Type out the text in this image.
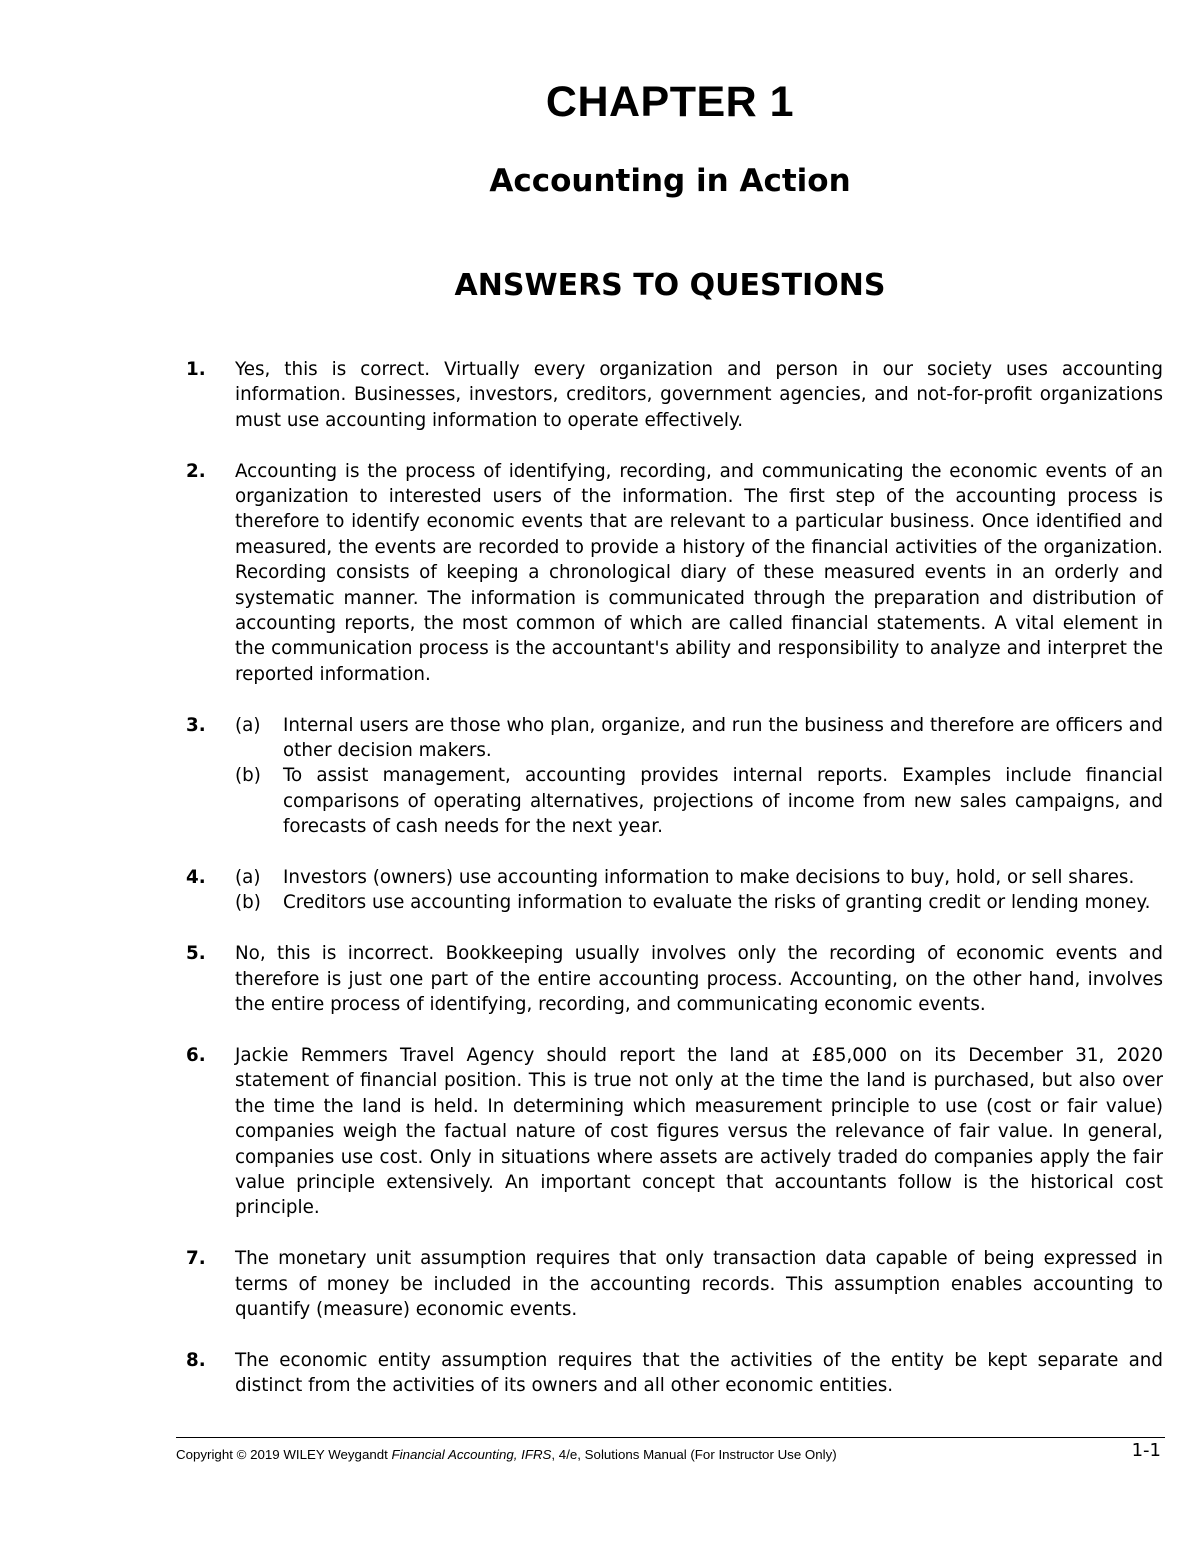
CHAPTER 1
Accounting in Action
ANSWERS TO QUESTIONS
1. Yes, this is correct. Virtually every organization and person in our society uses accounting information. Businesses, investors, creditors, government agencies, and not-for-profit organizations must use accounting information to operate effectively.
2. Accounting is the process of identifying, recording, and communicating the economic events of an organization to interested users of the information. The first step of the accounting process is therefore to identify economic events that are relevant to a particular business. Once identified and measured, the events are recorded to provide a history of the financial activities of the organization. Recording consists of keeping a chronological diary of these measured events in an orderly and systematic manner. The information is communicated through the preparation and distribution of accounting reports, the most common of which are called financial statements. A vital element in the communication process is the accountant's ability and responsibility to analyze and interpret the reported information.
3. (a) Internal users are those who plan, organize, and run the business and therefore are officers and other decision makers.
(b) To assist management, accounting provides internal reports. Examples include financial comparisons of operating alternatives, projections of income from new sales campaigns, and forecasts of cash needs for the next year.
4. (a) Investors (owners) use accounting information to make decisions to buy, hold, or sell shares.
(b) Creditors use accounting information to evaluate the risks of granting credit or lending money.
5. No, this is incorrect. Bookkeeping usually involves only the recording of economic events and therefore is just one part of the entire accounting process. Accounting, on the other hand, involves the entire process of identifying, recording, and communicating economic events.
6. Jackie Remmers Travel Agency should report the land at £85,000 on its December 31, 2020 statement of financial position. This is true not only at the time the land is purchased, but also over the time the land is held. In determining which measurement principle to use (cost or fair value) companies weigh the factual nature of cost figures versus the relevance of fair value. In general, companies use cost. Only in situations where assets are actively traded do companies apply the fair value principle extensively. An important concept that accountants follow is the historical cost principle.
7. The monetary unit assumption requires that only transaction data capable of being expressed in terms of money be included in the accounting records. This assumption enables accounting to quantify (measure) economic events.
8. The economic entity assumption requires that the activities of the entity be kept separate and distinct from the activities of its owners and all other economic entities.
Copyright © 2019 WILEY Weygandt Financial Accounting, IFRS, 4/e, Solutions Manual (For Instructor Use Only)	1-1
